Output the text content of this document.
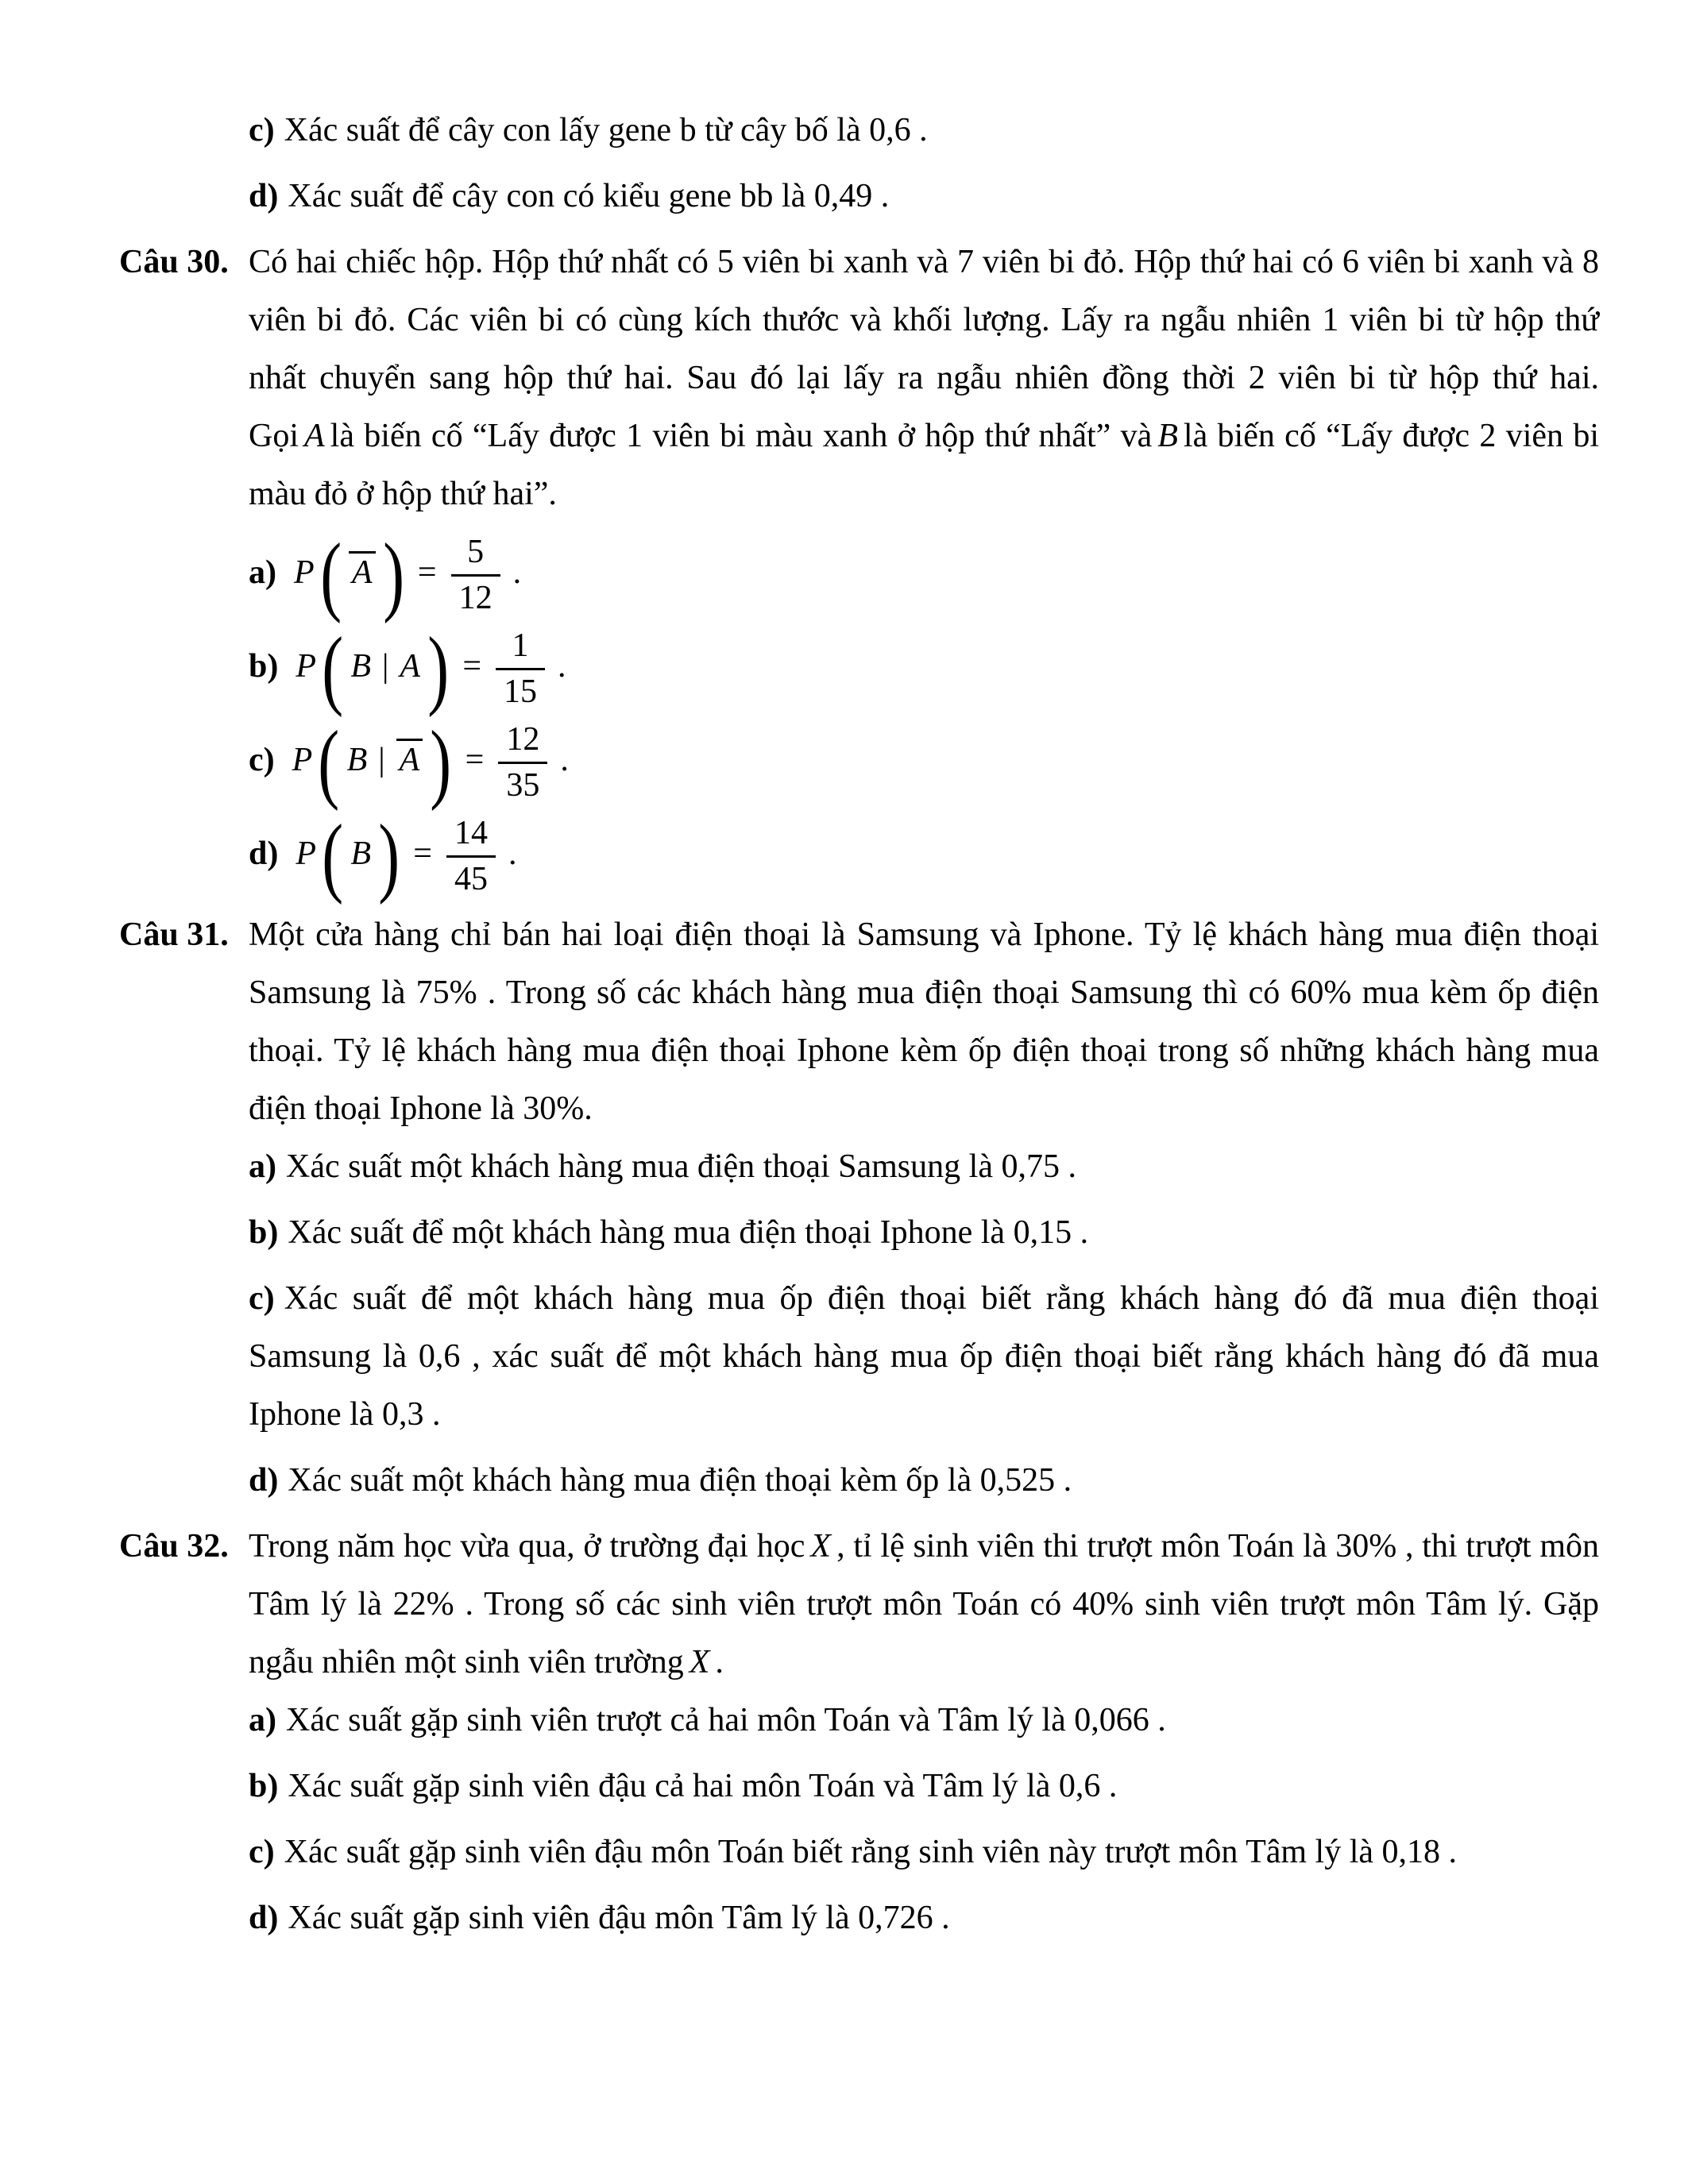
c) Xác suất để cây con lấy gene b từ cây bố là 0,6 .
d) Xác suất để cây con có kiểu gene bb là 0,49 .
Câu 30. Có hai chiếc hộp. Hộp thứ nhất có 5 viên bi xanh và 7 viên bi đỏ. Hộp thứ hai có 6 viên bi xanh và 8 viên bi đỏ. Các viên bi có cùng kích thước và khối lượng. Lấy ra ngẫu nhiên 1 viên bi từ hộp thứ nhất chuyển sang hộp thứ hai. Sau đó lại lấy ra ngẫu nhiên đồng thời 2 viên bi từ hộp thứ hai. Gọi A là biến cố “Lấy được 1 viên bi màu xanh ở hộp thứ nhất” và B là biến cố “Lấy được 2 viên bi màu đỏ ở hộp thứ hai”.
a) P( A ) = $\frac{5}{12}$ .
b) P( B | $A) = \frac{1}{15}$ .
c) P( B | A ) = $\frac{12}{35}$ .
d) P( $B) = \frac{14}{45}$ .
Câu 31. Một cửa hàng chỉ bán hai loại điện thoại là Samsung và Iphone. Tỷ lệ khách hàng mua điện thoại Samsung là 75% . Trong số các khách hàng mua điện thoại Samsung thì có 60% mua kèm ốp điện thoại. Tỷ lệ khách hàng mua điện thoại Iphone kèm ốp điện thoại trong số những khách hàng mua điện thoại Iphone là 30%.
a) Xác suất một khách hàng mua điện thoại Samsung là 0,75 .
b) Xác suất để một khách hàng mua điện thoại Iphone là 0,15 .
c) Xác suất để một khách hàng mua ốp điện thoại biết rằng khách hàng đó đã mua điện thoại Samsung là 0,6 , xác suất để một khách hàng mua ốp điện thoại biết rằng khách hàng đó đã mua Iphone là 0,3 .
d) Xác suất một khách hàng mua điện thoại kèm ốp là 0,525 .
Câu 32. Trong năm học vừa qua, ở trường đại học X , tỉ lệ sinh viên thi trượt môn Toán là 30% , thi trượt môn Tâm lý là 22% . Trong số các sinh viên trượt môn Toán có 40% sinh viên trượt môn Tâm lý. Gặp ngẫu nhiên một sinh viên trường X .
a) Xác suất gặp sinh viên trượt cả hai môn Toán và Tâm lý là 0,066 .
b) Xác suất gặp sinh viên đậu cả hai môn Toán và Tâm lý là 0,6 .
c) Xác suất gặp sinh viên đậu môn Toán biết rằng sinh viên này trượt môn Tâm lý là 0,18 .
d) Xác suất gặp sinh viên đậu môn Tâm lý là 0,726 .
